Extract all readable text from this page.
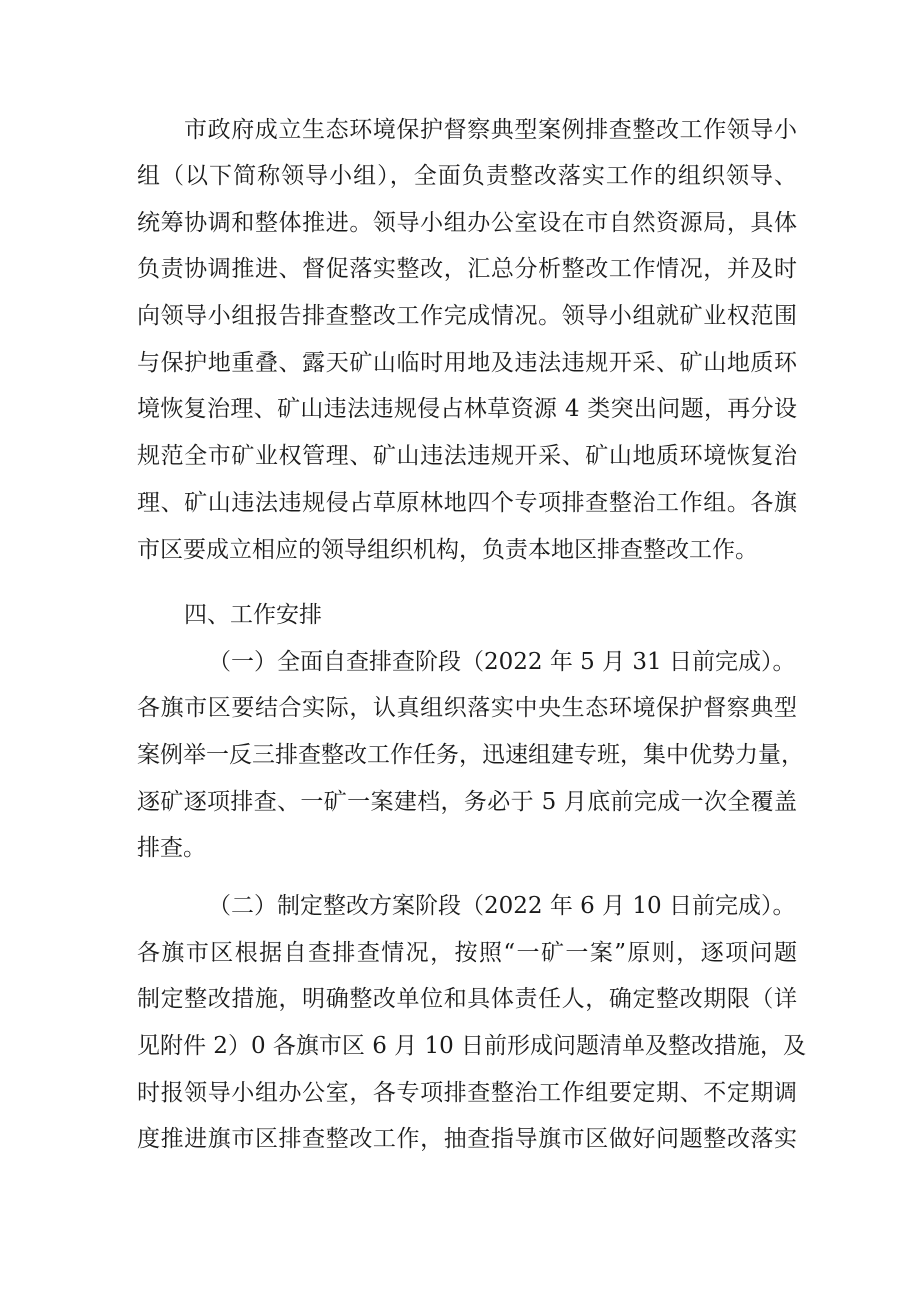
市政府成立生态环境保护督察典型案例排查整改工作领导小
组（以下简称领导小组），全面负责整改落实工作的组织领导、
统筹协调和整体推进。领导小组办公室设在市自然资源局，具体
负责协调推进、督促落实整改，汇总分析整改工作情况，并及时
向领导小组报告排查整改工作完成情况。领导小组就矿业权范围
与保护地重叠、露天矿山临时用地及违法违规开采、矿山地质环
境恢复治理、矿山违法违规侵占林草资源 4 类突出问题，再分设
规范全市矿业权管理、矿山违法违规开采、矿山地质环境恢复治
理、矿山违法违规侵占草原林地四个专项排查整治工作组。各旗
市区要成立相应的领导组织机构，负责本地区排查整改工作。
四、工作安排
（一）全面自查排查阶段（2022 年 5 月 31 日前完成）。
各旗市区要结合实际，认真组织落实中央生态环境保护督察典型
案例举一反三排查整改工作任务，迅速组建专班，集中优势力量，
逐矿逐项排查、一矿一案建档，务必于 5 月底前完成一次全覆盖
排查。
（二）制定整改方案阶段（2022 年 6 月 10 日前完成）。
各旗市区根据自查排查情况，按照“一矿一案”原则，逐项问题
制定整改措施，明确整改单位和具体责任人，确定整改期限（详
见附件 2）0 各旗市区 6 月 10 日前形成问题清单及整改措施，及
时报领导小组办公室，各专项排查整治工作组要定期、不定期调
度推进旗市区排查整改工作，抽查指导旗市区做好问题整改落实
